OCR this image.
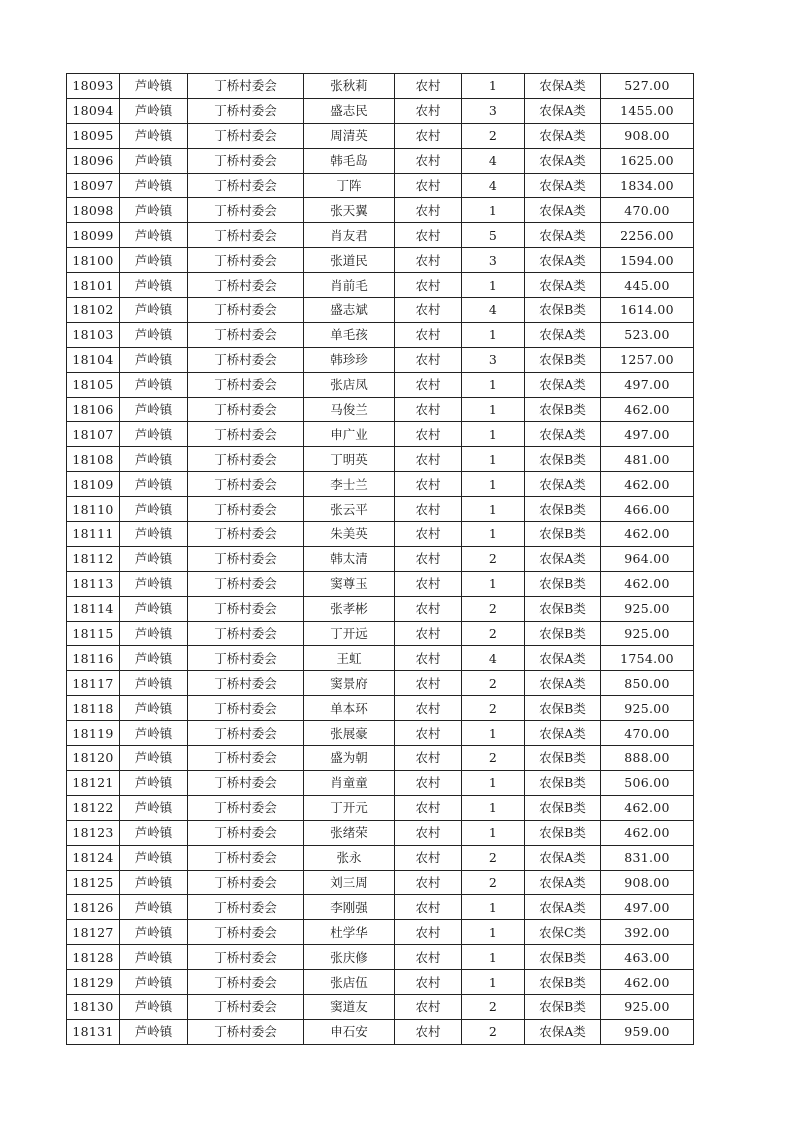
18093	芦岭镇	丁桥村委会	张秋莉	农村	1	农保A类	527.00
18094	芦岭镇	丁桥村委会	盛志民	农村	3	农保A类	1455.00
18095	芦岭镇	丁桥村委会	周清英	农村	2	农保A类	908.00
18096	芦岭镇	丁桥村委会	韩毛岛	农村	4	农保A类	1625.00
18097	芦岭镇	丁桥村委会	丁阵	农村	4	农保A类	1834.00
18098	芦岭镇	丁桥村委会	张天翼	农村	1	农保A类	470.00
18099	芦岭镇	丁桥村委会	肖友君	农村	5	农保A类	2256.00
18100	芦岭镇	丁桥村委会	张道民	农村	3	农保A类	1594.00
18101	芦岭镇	丁桥村委会	肖前毛	农村	1	农保A类	445.00
18102	芦岭镇	丁桥村委会	盛志斌	农村	4	农保B类	1614.00
18103	芦岭镇	丁桥村委会	单毛孩	农村	1	农保A类	523.00
18104	芦岭镇	丁桥村委会	韩珍珍	农村	3	农保B类	1257.00
18105	芦岭镇	丁桥村委会	张店凤	农村	1	农保A类	497.00
18106	芦岭镇	丁桥村委会	马俊兰	农村	1	农保B类	462.00
18107	芦岭镇	丁桥村委会	申广业	农村	1	农保A类	497.00
18108	芦岭镇	丁桥村委会	丁明英	农村	1	农保B类	481.00
18109	芦岭镇	丁桥村委会	李士兰	农村	1	农保A类	462.00
18110	芦岭镇	丁桥村委会	张云平	农村	1	农保B类	466.00
18111	芦岭镇	丁桥村委会	朱美英	农村	1	农保B类	462.00
18112	芦岭镇	丁桥村委会	韩太清	农村	2	农保A类	964.00
18113	芦岭镇	丁桥村委会	窦尊玉	农村	1	农保B类	462.00
18114	芦岭镇	丁桥村委会	张孝彬	农村	2	农保B类	925.00
18115	芦岭镇	丁桥村委会	丁开远	农村	2	农保B类	925.00
18116	芦岭镇	丁桥村委会	王虹	农村	4	农保A类	1754.00
18117	芦岭镇	丁桥村委会	窦景府	农村	2	农保A类	850.00
18118	芦岭镇	丁桥村委会	单本环	农村	2	农保B类	925.00
18119	芦岭镇	丁桥村委会	张展豪	农村	1	农保A类	470.00
18120	芦岭镇	丁桥村委会	盛为朝	农村	2	农保B类	888.00
18121	芦岭镇	丁桥村委会	肖童童	农村	1	农保B类	506.00
18122	芦岭镇	丁桥村委会	丁开元	农村	1	农保B类	462.00
18123	芦岭镇	丁桥村委会	张绪荣	农村	1	农保B类	462.00
18124	芦岭镇	丁桥村委会	张永	农村	2	农保A类	831.00
18125	芦岭镇	丁桥村委会	刘三周	农村	2	农保A类	908.00
18126	芦岭镇	丁桥村委会	李刚强	农村	1	农保A类	497.00
18127	芦岭镇	丁桥村委会	杜学华	农村	1	农保C类	392.00
18128	芦岭镇	丁桥村委会	张庆修	农村	1	农保B类	463.00
18129	芦岭镇	丁桥村委会	张店伍	农村	1	农保B类	462.00
18130	芦岭镇	丁桥村委会	窦道友	农村	2	农保B类	925.00
18131	芦岭镇	丁桥村委会	申石安	农村	2	农保A类	959.00
